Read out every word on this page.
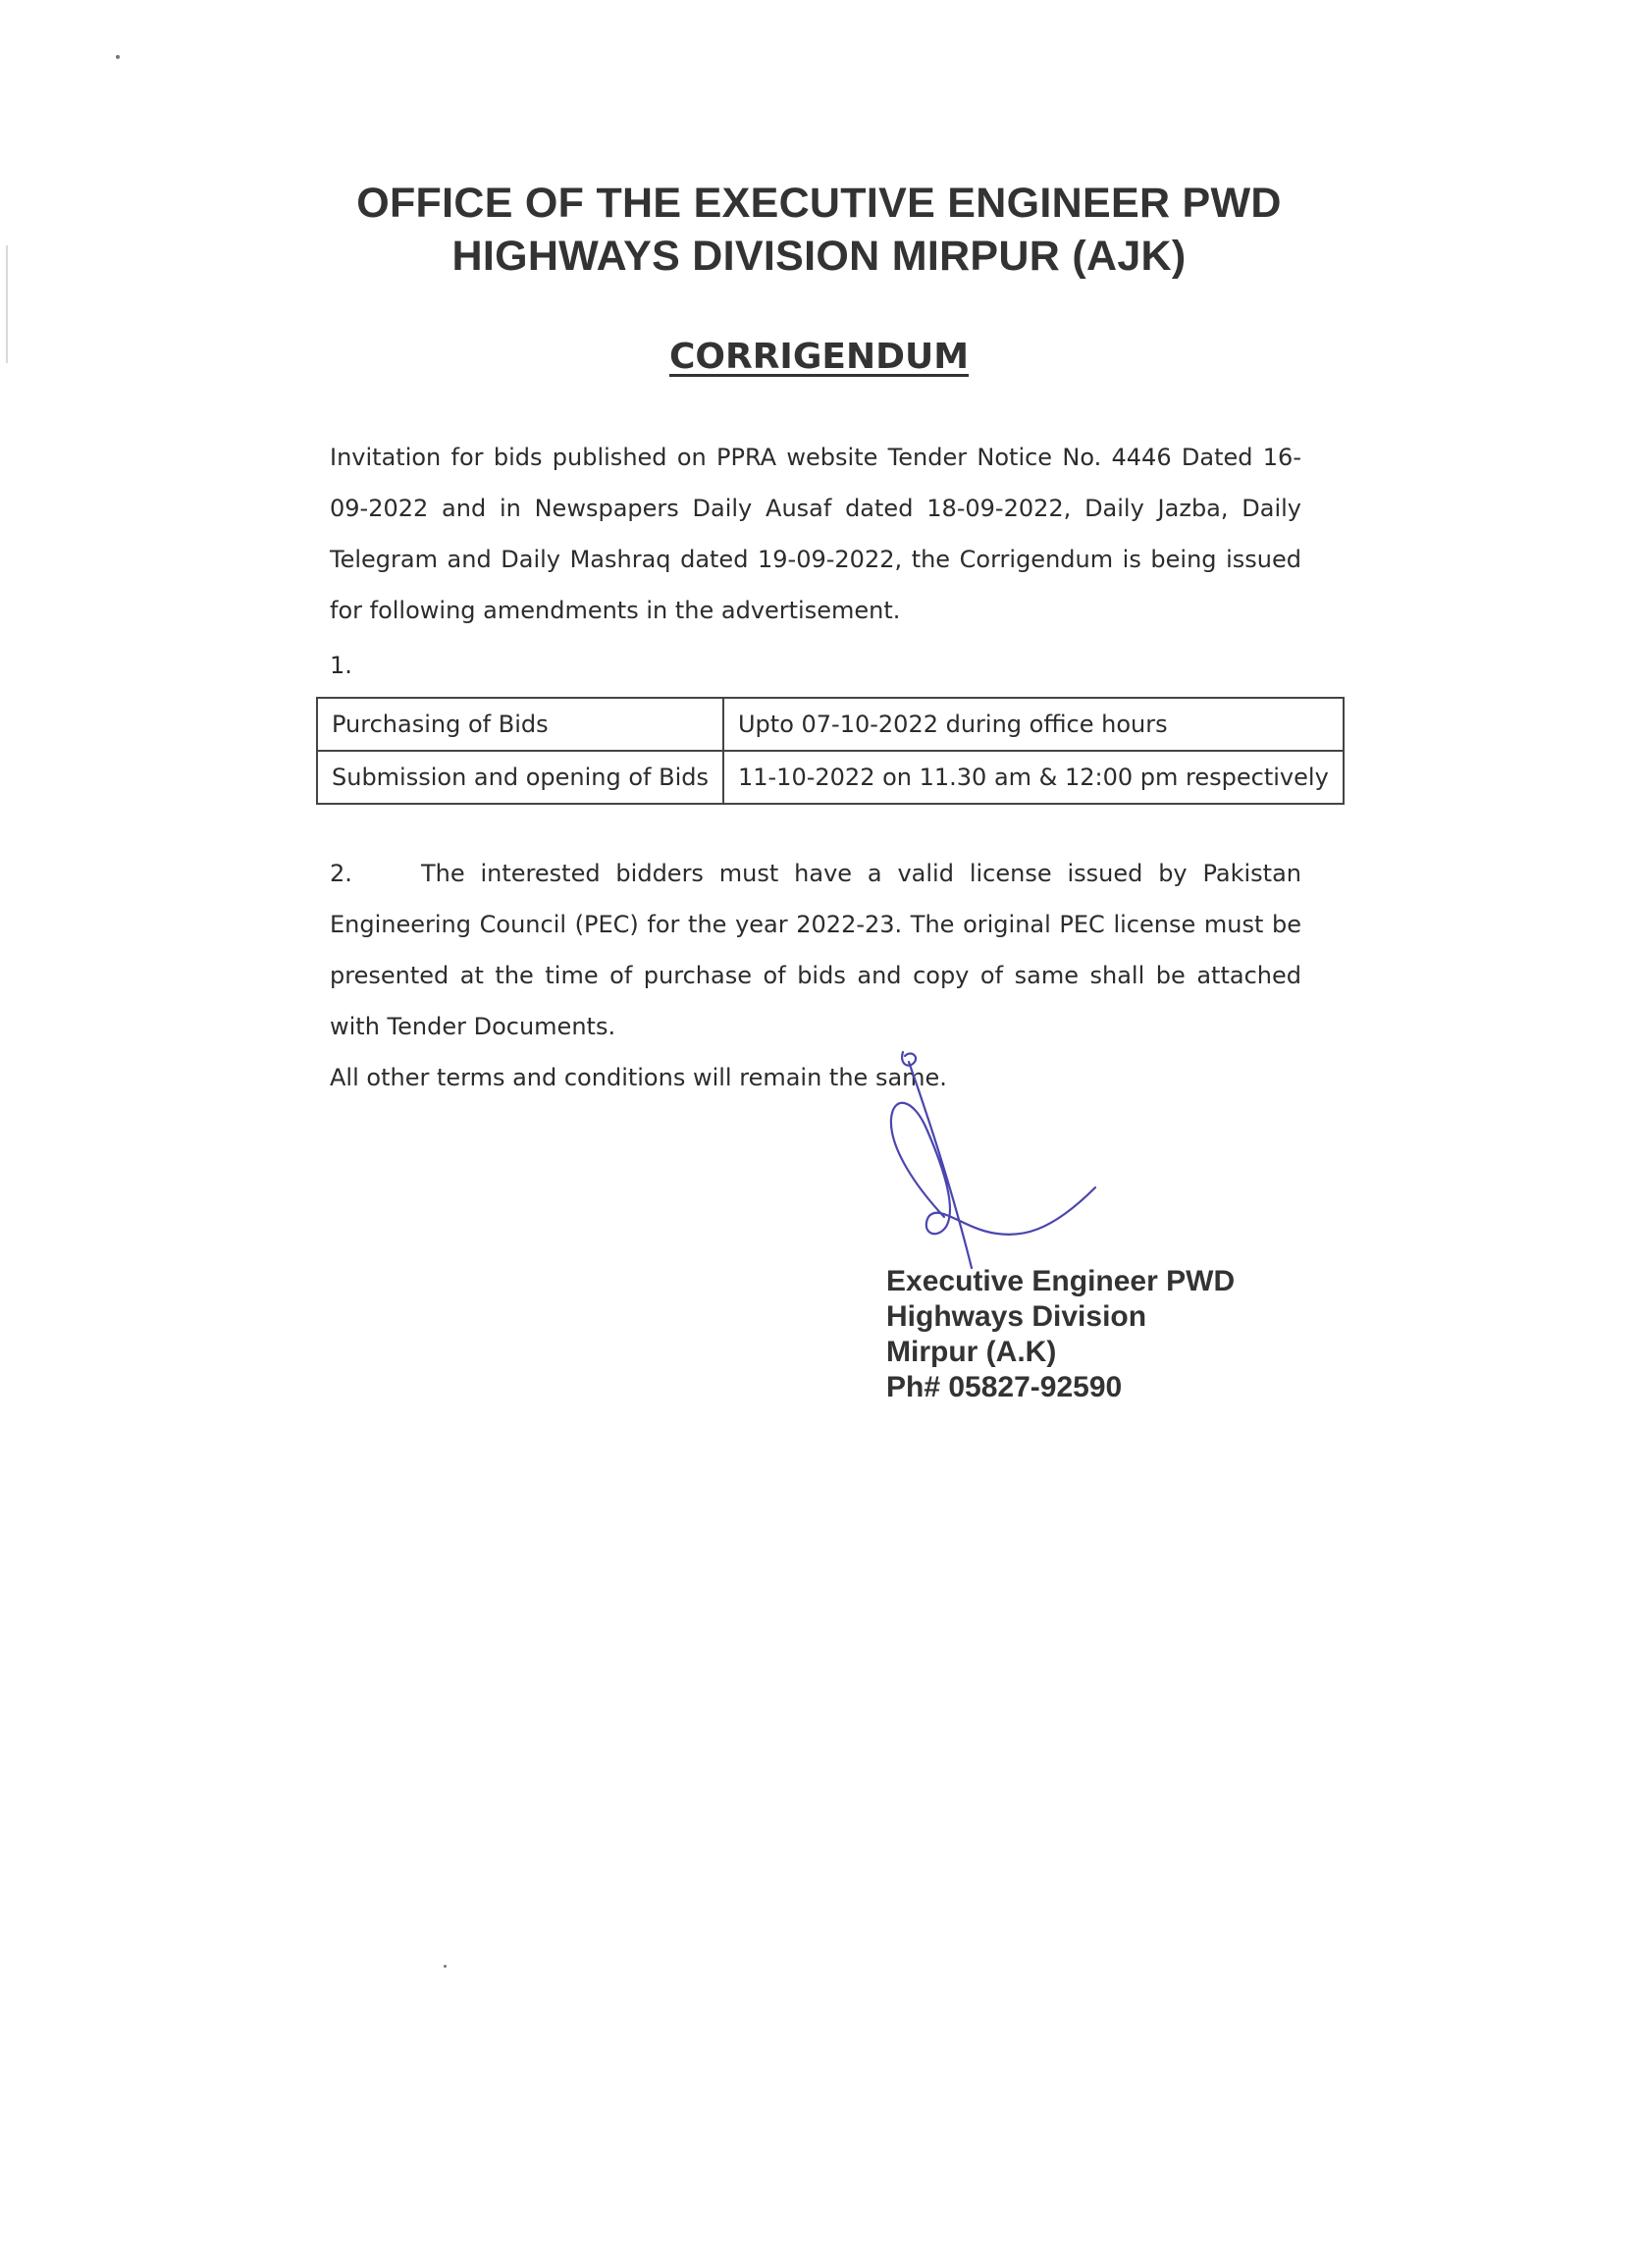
OFFICE OF THE EXECUTIVE ENGINEER PWD
HIGHWAYS DIVISION MIRPUR (AJK)
CORRIGENDUM
Invitation for bids published on PPRA website Tender Notice No. 4446 Dated 16-09-2022 and in Newspapers Daily Ausaf dated 18-09-2022, Daily Jazba, Daily Telegram and Daily Mashraq dated 19-09-2022, the Corrigendum is being issued for following amendments in the advertisement.
1.
Purchasing of Bids	Upto 07-10-2022 during office hours
Submission and opening of Bids	11-10-2022 on 11.30 am & 12:00 pm respectively
2.	The interested bidders must have a valid license issued by Pakistan Engineering Council (PEC) for the year 2022-23. The original PEC license must be presented at the time of purchase of bids and copy of same shall be attached with Tender Documents.
All other terms and conditions will remain the same.
Executive Engineer PWD
Highways Division
Mirpur (A.K)
Ph# 05827-92590
